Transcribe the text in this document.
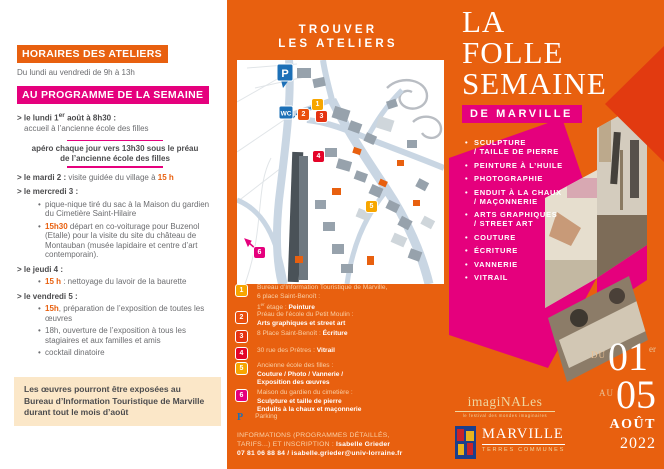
HORAIRES DES ATELIERS
Du lundi au vendredi de 9h à 13h
AU PROGRAMME DE LA SEMAINE
> le lundi 1er août à 8h30 :
accueil à l’ancienne école des filles
apéro chaque jour vers 13h30 sous le préau
de l’ancienne école des filles
> le mardi 2 : visite guidée du village à 15 h
> le mercredi 3 :
• pique-nique tiré du sac à la Maison du gardien du Cimetière Saint-Hilaire
• 15h30 départ en co-voiturage pour Buzenol (Etalle) pour la visite du site du château de Montauban (musée lapidaire et centre d’art contemporain).
> le jeudi 4 :
• 15 h : nettoyage du lavoir de la baurette
> le vendredi 5 :
• 15h, préparation de l’exposition de toutes les œuvres
• 18h, ouverture de l’exposition à tous les stagiaires et aux familles et amis
• cocktail dinatoire
Les œuvres pourront être exposées au Bureau d’Information Touristique de Marville durant tout le mois d’août
TROUVER
LES ATELIERS
P
WC
1
2	3
4
5
6
1	Bureau d’Information Touristique de Marville,
6 place Saint-Benoît :
1er étage : Peinture
2	Préau de l’école du Petit Moulin :
Arts graphiques et street art
3	8 Place Saint-Benoît : Écriture
4	30 rue des Prêtres : Vitrail
5	Ancienne école des filles :
Couture / Photo / Vannerie /
Exposition des œuvres
6	Maison du gardien du cimetière :
Sculpture et taille de pierre
Enduits à la chaux et maçonnerie
P Parking
INFORMATIONS (PROGRAMMES DÉTAILLÉS,
TARIFS...) ET INSCRIPTION : Isabelle Grieder
07 81 06 88 84 / isabelle.grieder@univ-lorraine.fr
LA
FOLLE
SEMAINE
DE MARVILLE
• SCULPTURE
/ TAILLE DE PIERRE
• PEINTURE À L’HUILE
• PHOTOGRAPHIE
• ENDUIT À LA CHAUX
/ MAÇONNERIE
• ARTS GRAPHIQUES
/ STREET ART
• COUTURE
• ÉCRITURE
• VANNERIE
• VITRAIL
imagiNALes
le festival des mondes imaginaires
MARVILLE
TERRES COMMUNES
DU 01 er
AU 05
AOÛT
2022
